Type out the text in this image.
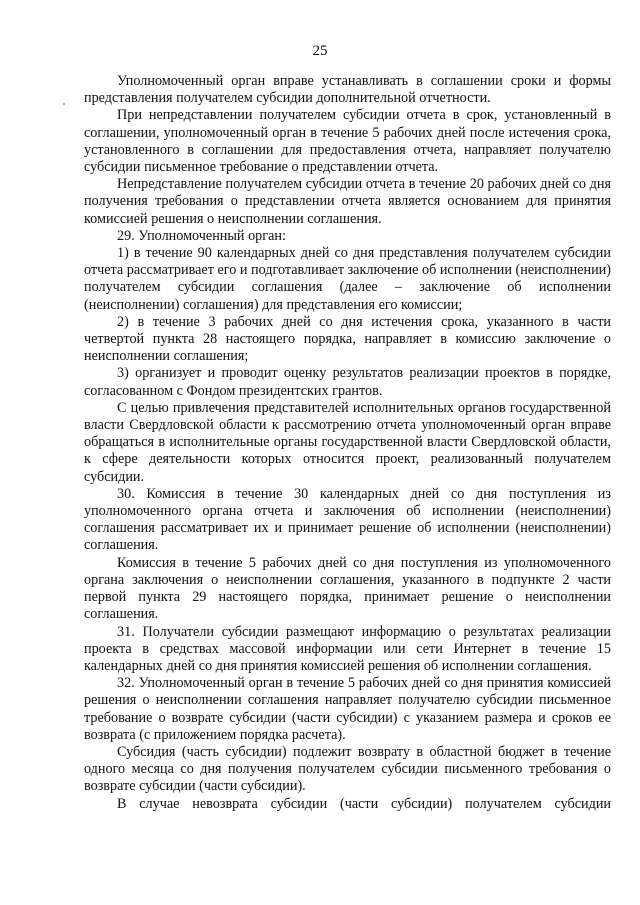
25

Уполномоченный орган вправе устанавливать в соглашении сроки и формы представления получателем субсидии дополнительной отчетности.

При непредставлении получателем субсидии отчета в срок, установленный в соглашении, уполномоченный орган в течение 5 рабочих дней после истечения срока, установленного в соглашении для предоставления отчета, направляет получателю субсидии письменное требование о представлении отчета.

Непредставление получателем субсидии отчета в течение 20 рабочих дней со дня получения требования о представлении отчета является основанием для принятия комиссией решения о неисполнении соглашения.

29. Уполномоченный орган:

1) в течение 90 календарных дней со дня представления получателем субсидии отчета рассматривает его и подготавливает заключение об исполнении (неисполнении) получателем субсидии соглашения (далее – заключение об исполнении (неисполнении) соглашения) для представления его комиссии;

2) в течение 3 рабочих дней со дня истечения срока, указанного в части четвертой пункта 28 настоящего порядка, направляет в комиссию заключение о неисполнении соглашения;

3) организует и проводит оценку результатов реализации проектов в порядке, согласованном с Фондом президентских грантов.

С целью привлечения представителей исполнительных органов государственной власти Свердловской области к рассмотрению отчета уполномоченный орган вправе обращаться в исполнительные органы государственной власти Свердловской области, к сфере деятельности которых относится проект, реализованный получателем субсидии.

30. Комиссия в течение 30 календарных дней со дня поступления из уполномоченного органа отчета и заключения об исполнении (неисполнении) соглашения рассматривает их и принимает решение об исполнении (неисполнении) соглашения.

Комиссия в течение 5 рабочих дней со дня поступления из уполномоченного органа заключения о неисполнении соглашения, указанного в подпункте 2 части первой пункта 29 настоящего порядка, принимает решение о неисполнении соглашения.

31. Получатели субсидии размещают информацию о результатах реализации проекта в средствах массовой информации или сети Интернет в течение 15 календарных дней со дня принятия комиссией решения об исполнении соглашения.

32. Уполномоченный орган в течение 5 рабочих дней со дня принятия комиссией решения о неисполнении соглашения направляет получателю субсидии письменное требование о возврате субсидии (части субсидии) с указанием размера и сроков ее возврата (с приложением порядка расчета).

Субсидия (часть субсидии) подлежит возврату в областной бюджет в течение одного месяца со дня получения получателем субсидии письменного требования о возврате субсидии (части субсидии).

В случае невозврата субсидии (части субсидии) получателем субсидии
